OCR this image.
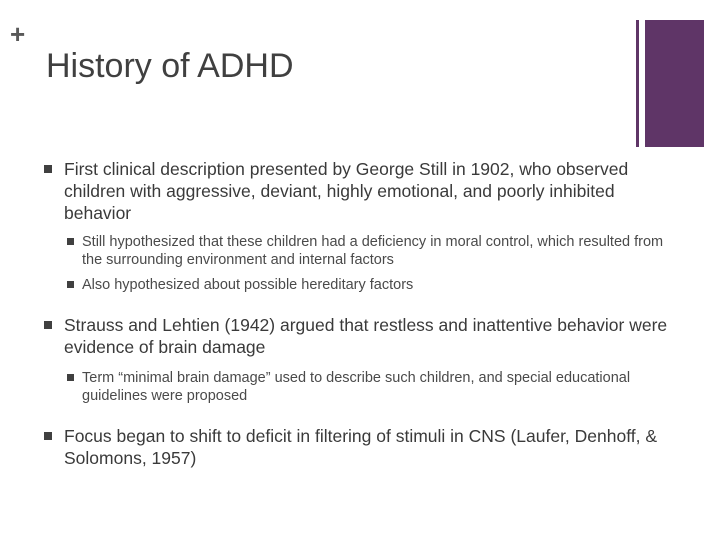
+
History of ADHD
First clinical description presented by George Still in 1902, who observed children with aggressive, deviant, highly emotional, and poorly inhibited behavior
Still hypothesized that these children had a deficiency in moral control, which resulted from the surrounding environment and internal factors
Also hypothesized about possible hereditary factors
Strauss and Lehtien (1942) argued that restless and inattentive behavior were evidence of brain damage
Term “minimal brain damage” used to describe such children, and special educational guidelines were proposed
Focus began to shift to deficit in filtering of stimuli in CNS (Laufer, Denhoff, & Solomons, 1957)
